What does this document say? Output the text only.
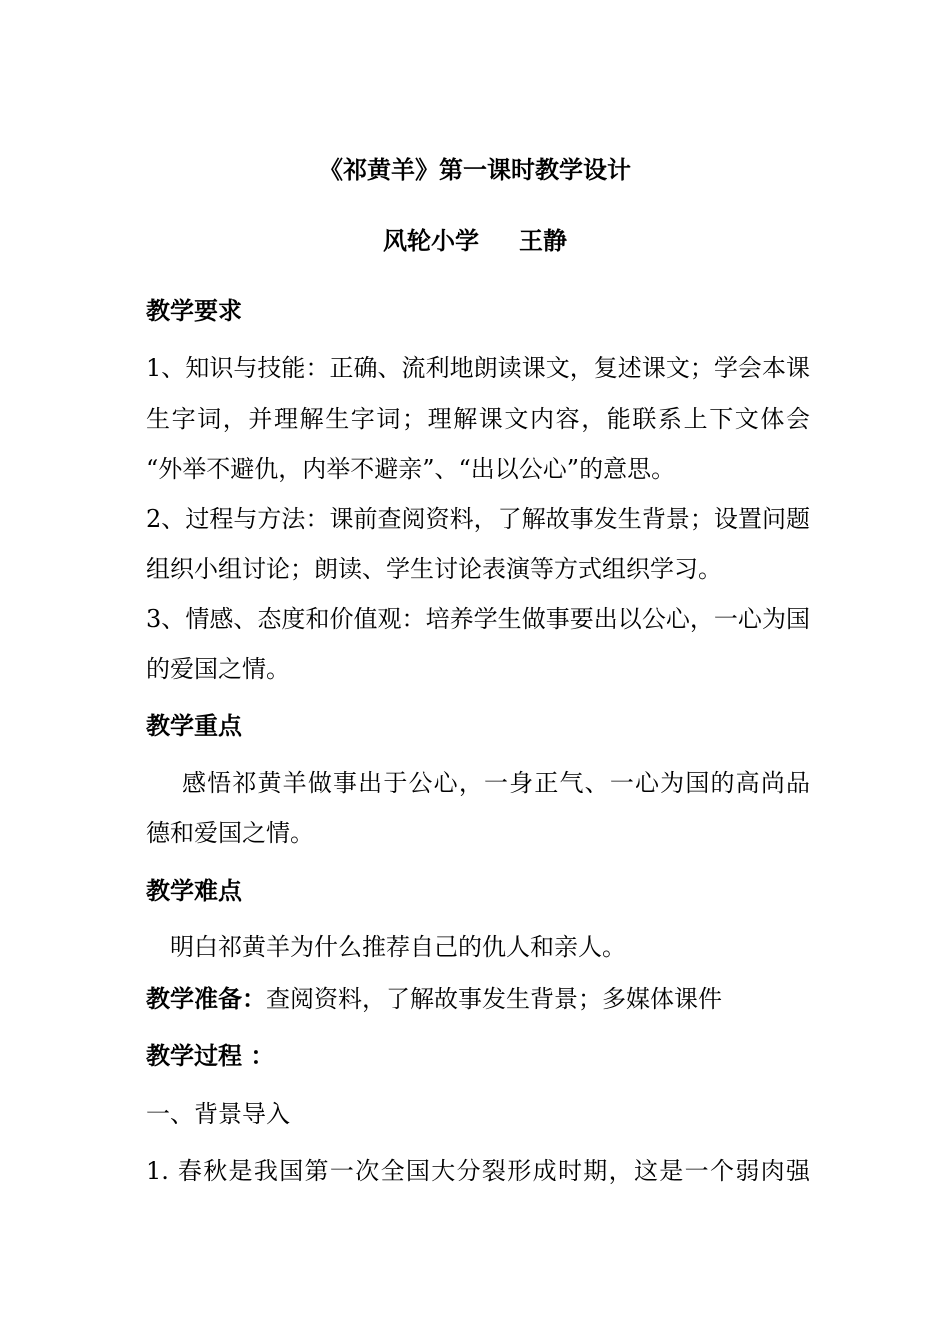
《祁黄羊》第一课时教学设计
风轮小学 王静
教学要求
1、知识与技能：正确、流利地朗读课文，复述课文；学会本课
生字词，并理解生字词；理解课文内容，能联系上下文体会
“外举不避仇，内举不避亲”、“出以公心”的意思。
2、过程与方法：课前查阅资料，了解故事发生背景；设置问题
组织小组讨论；朗读、学生讨论表演等方式组织学习。
3、情感、态度和价值观：培养学生做事要出以公心，一心为国
的爱国之情。
教学重点
感悟祁黄羊做事出于公心，一身正气、一心为国的高尚品
德和爱国之情。
教学难点
明白祁黄羊为什么推荐自己的仇人和亲人。
教学准备：查阅资料，了解故事发生背景；多媒体课件
教学过程 ：
一、背景导入
1. 春秋是我国第一次全国大分裂形成时期，这是一个弱肉强
